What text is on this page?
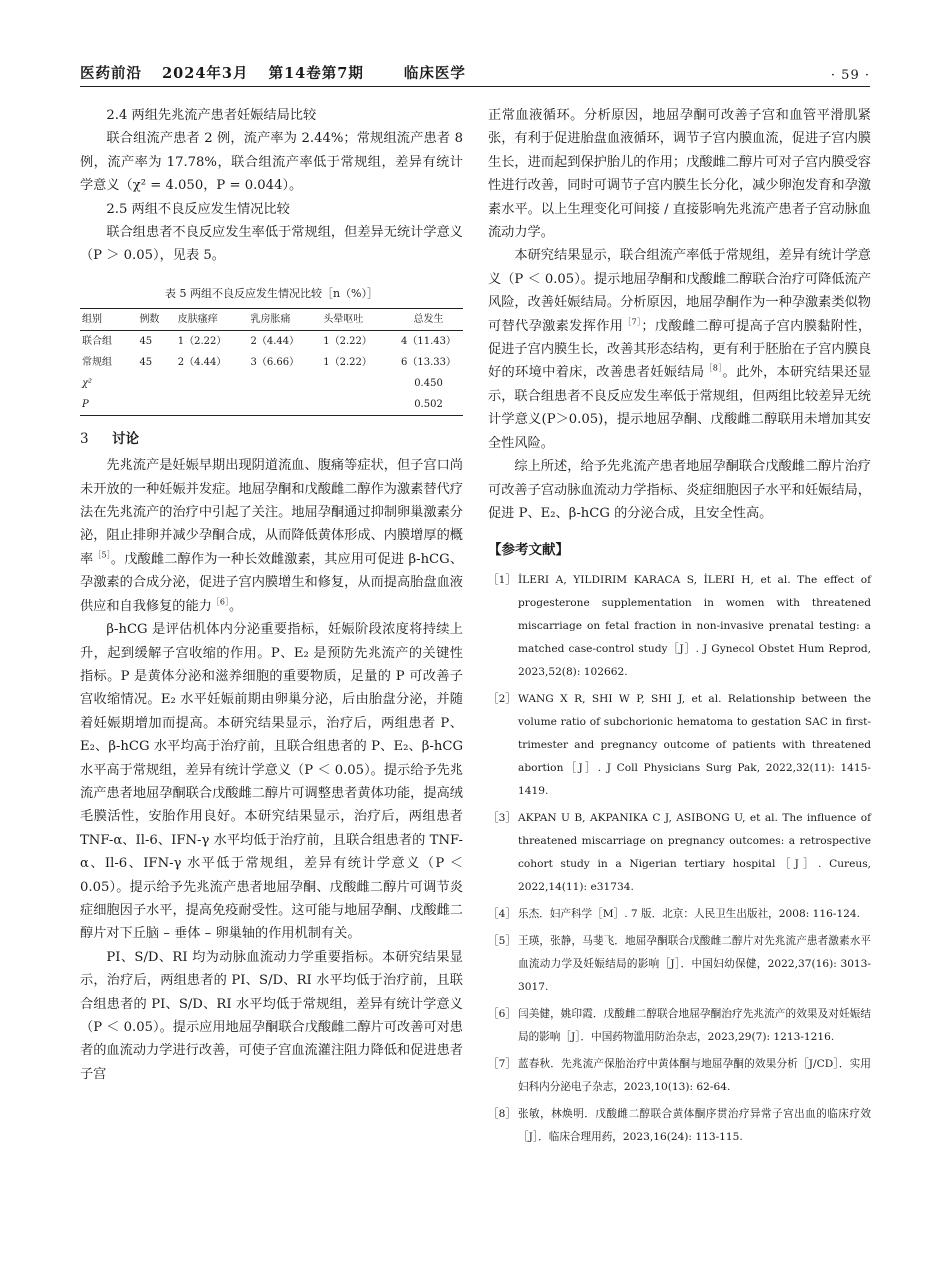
医药前沿 2024年3月 第14卷第7期	临床医学	· 59 ·

2.4 两组先兆流产患者妊娠结局比较

联合组流产患者 2 例，流产率为 2.44%；常规组流产患者 8 例，流产率为 17.78%，联合组流产率低于常规组，差异有统计学意义（χ² = 4.050，P = 0.044）。

2.5 两组不良反应发生情况比较

联合组患者不良反应发生率低于常规组，但差异无统计学意义（P ＞ 0.05），见表 5。

表 5 两组不良反应发生情况比较［n（%）］
组别	例数	皮肤瘙痒	乳房胀痛	头晕呕吐	总发生
联合组	45	1（2.22）	2（4.44）	1（2.22）	4（11.43）
常规组	45	2（4.44）	3（6.66）	1（2.22）	6（13.33）
χ²					0.450
P					0.502
3 讨论

先兆流产是妊娠早期出现阴道流血、腹痛等症状，但子宫口尚未开放的一种妊娠并发症。地屈孕酮和戊酸雌二醇作为激素替代疗法在先兆流产的治疗中引起了关注。地屈孕酮通过抑制卵巢激素分泌，阻止排卵并减少孕酮合成，从而降低黄体形成、内膜增厚的概率$^{[5]}$。戊酸雌二醇作为一种长效雌激素，其应用可促进 β-hCG、孕激素的合成分泌，促进子宫内膜增生和修复，从而提高胎盘血液供应和自我修复的能力$^{[6]}$。

β-hCG 是评估机体内分泌重要指标，妊娠阶段浓度将持续上升，起到缓解子宫收缩的作用。P、E₂ 是预防先兆流产的关键性指标。P 是黄体分泌和滋养细胞的重要物质，足量的 P 可改善子宫收缩情况。E₂ 水平妊娠前期由卵巢分泌，后由胎盘分泌，并随着妊娠期增加而提高。本研究结果显示，治疗后，两组患者 P、E₂、β-hCG 水平均高于治疗前，且联合组患者的 P、E₂、β-hCG 水平高于常规组，差异有统计学意义（P ＜ 0.05）。提示给予先兆流产患者地屈孕酮联合戊酸雌二醇片可调整患者黄体功能，提高绒毛膜活性，安胎作用良好。本研究结果显示，治疗后，两组患者 TNF-α、Il-6、IFN-γ 水平均低于治疗前，且联合组患者的 TNF-α、Il-6、IFN-γ 水平低于常规组，差异有统计学意义（P ＜ 0.05）。提示给予先兆流产患者地屈孕酮、戊酸雌二醇片可调节炎症细胞因子水平，提高免疫耐受性。这可能与地屈孕酮、戊酸雌二醇片对下丘脑 – 垂体 – 卵巢轴的作用机制有关。

PI、S/D、RI 均为动脉血流动力学重要指标。本研究结果显示，治疗后，两组患者的 PI、S/D、RI 水平均低于治疗前，且联合组患者的 PI、S/D、RI 水平均低于常规组，差异有统计学意义（P ＜ 0.05）。提示应用地屈孕酮联合戊酸雌二醇片可改善可对患者的血流动力学进行改善，可使子宫血流灌注阻力降低和促进患者子宫

正常血液循环。分析原因，地屈孕酮可改善子宫和血管平滑肌紧张，有利于促进胎盘血液循环，调节子宫内膜血流，促进子宫内膜生长，进而起到保护胎儿的作用；戊酸雌二醇片可对子宫内膜受容性进行改善，同时可调节子宫内膜生长分化，减少卵泡发育和孕激素水平。以上生理变化可间接 / 直接影响先兆流产患者子宫动脉血流动力学。

本研究结果显示，联合组流产率低于常规组，差异有统计学意义（P ＜ 0.05）。提示地屈孕酮和戊酸雌二醇联合治疗可降低流产风险，改善妊娠结局。分析原因，地屈孕酮作为一种孕激素类似物可替代孕激素发挥作用$^{[7]}$；戊酸雌二醇可提高子宫内膜黏附性，促进子宫内膜生长，改善其形态结构，更有利于胚胎在子宫内膜良好的环境中着床，改善患者妊娠结局$^{[8]}$。此外，本研究结果还显示，联合组患者不良反应发生率低于常规组，但两组比较差异无统计学意义(P＞0.05)，提示地屈孕酮、戊酸雌二醇联用未增加其安全性风险。

综上所述，给予先兆流产患者地屈孕酮联合戊酸雌二醇片治疗可改善子宫动脉血流动力学指标、炎症细胞因子水平和妊娠结局，促进 P、E₂、β-hCG 的分泌合成，且安全性高。

【参考文献】
［1］ İLERI A, YILDIRIM KARACA S, İLERI H, et al. The effect of progesterone supplementation in women with threatened miscarriage on fetal fraction in non-invasive prenatal testing: a matched case-control study［J］. J Gynecol Obstet Hum Reprod, 2023,52(8): 102662.
［2］ WANG X R, SHI W P, SHI J, et al. Relationship between the volume ratio of subchorionic hematoma to gestation SAC in first-trimester and pregnancy outcome of patients with threatened abortion［J］. J Coll Physicians Surg Pak, 2022,32(11): 1415-1419.
［3］ AKPAN U B, AKPANIKA C J, ASIBONG U, et al. The influence of threatened miscarriage on pregnancy outcomes: a retrospective cohort study in a Nigerian tertiary hospital［J］. Cureus, 2022,14(11): e31734.
［4］ 乐杰．妇产科学［M］. 7 版．北京：人民卫生出版社，2008: 116-124.
［5］ 王瑛，张静，马斐飞．地屈孕酮联合戊酸雌二醇片对先兆流产患者激素水平血流动力学及妊娠结局的影响［J］．中国妇幼保健，2022,37(16): 3013-3017.
［6］ 闫美健，姚印霞．戊酸雌二醇联合地屈孕酮治疗先兆流产的效果及对妊娠结局的影响［J］．中国药物滥用防治杂志，2023,29(7): 1213-1216.
［7］ 蓝春秋．先兆流产保胎治疗中黄体酮与地屈孕酮的效果分析［J/CD］．实用妇科内分泌电子杂志，2023,10(13): 62-64.
［8］ 张敏，林焕明．戊酸雌二醇联合黄体酮序贯治疗异常子宫出血的临床疗效［J］．临床合理用药，2023,16(24): 113-115.
